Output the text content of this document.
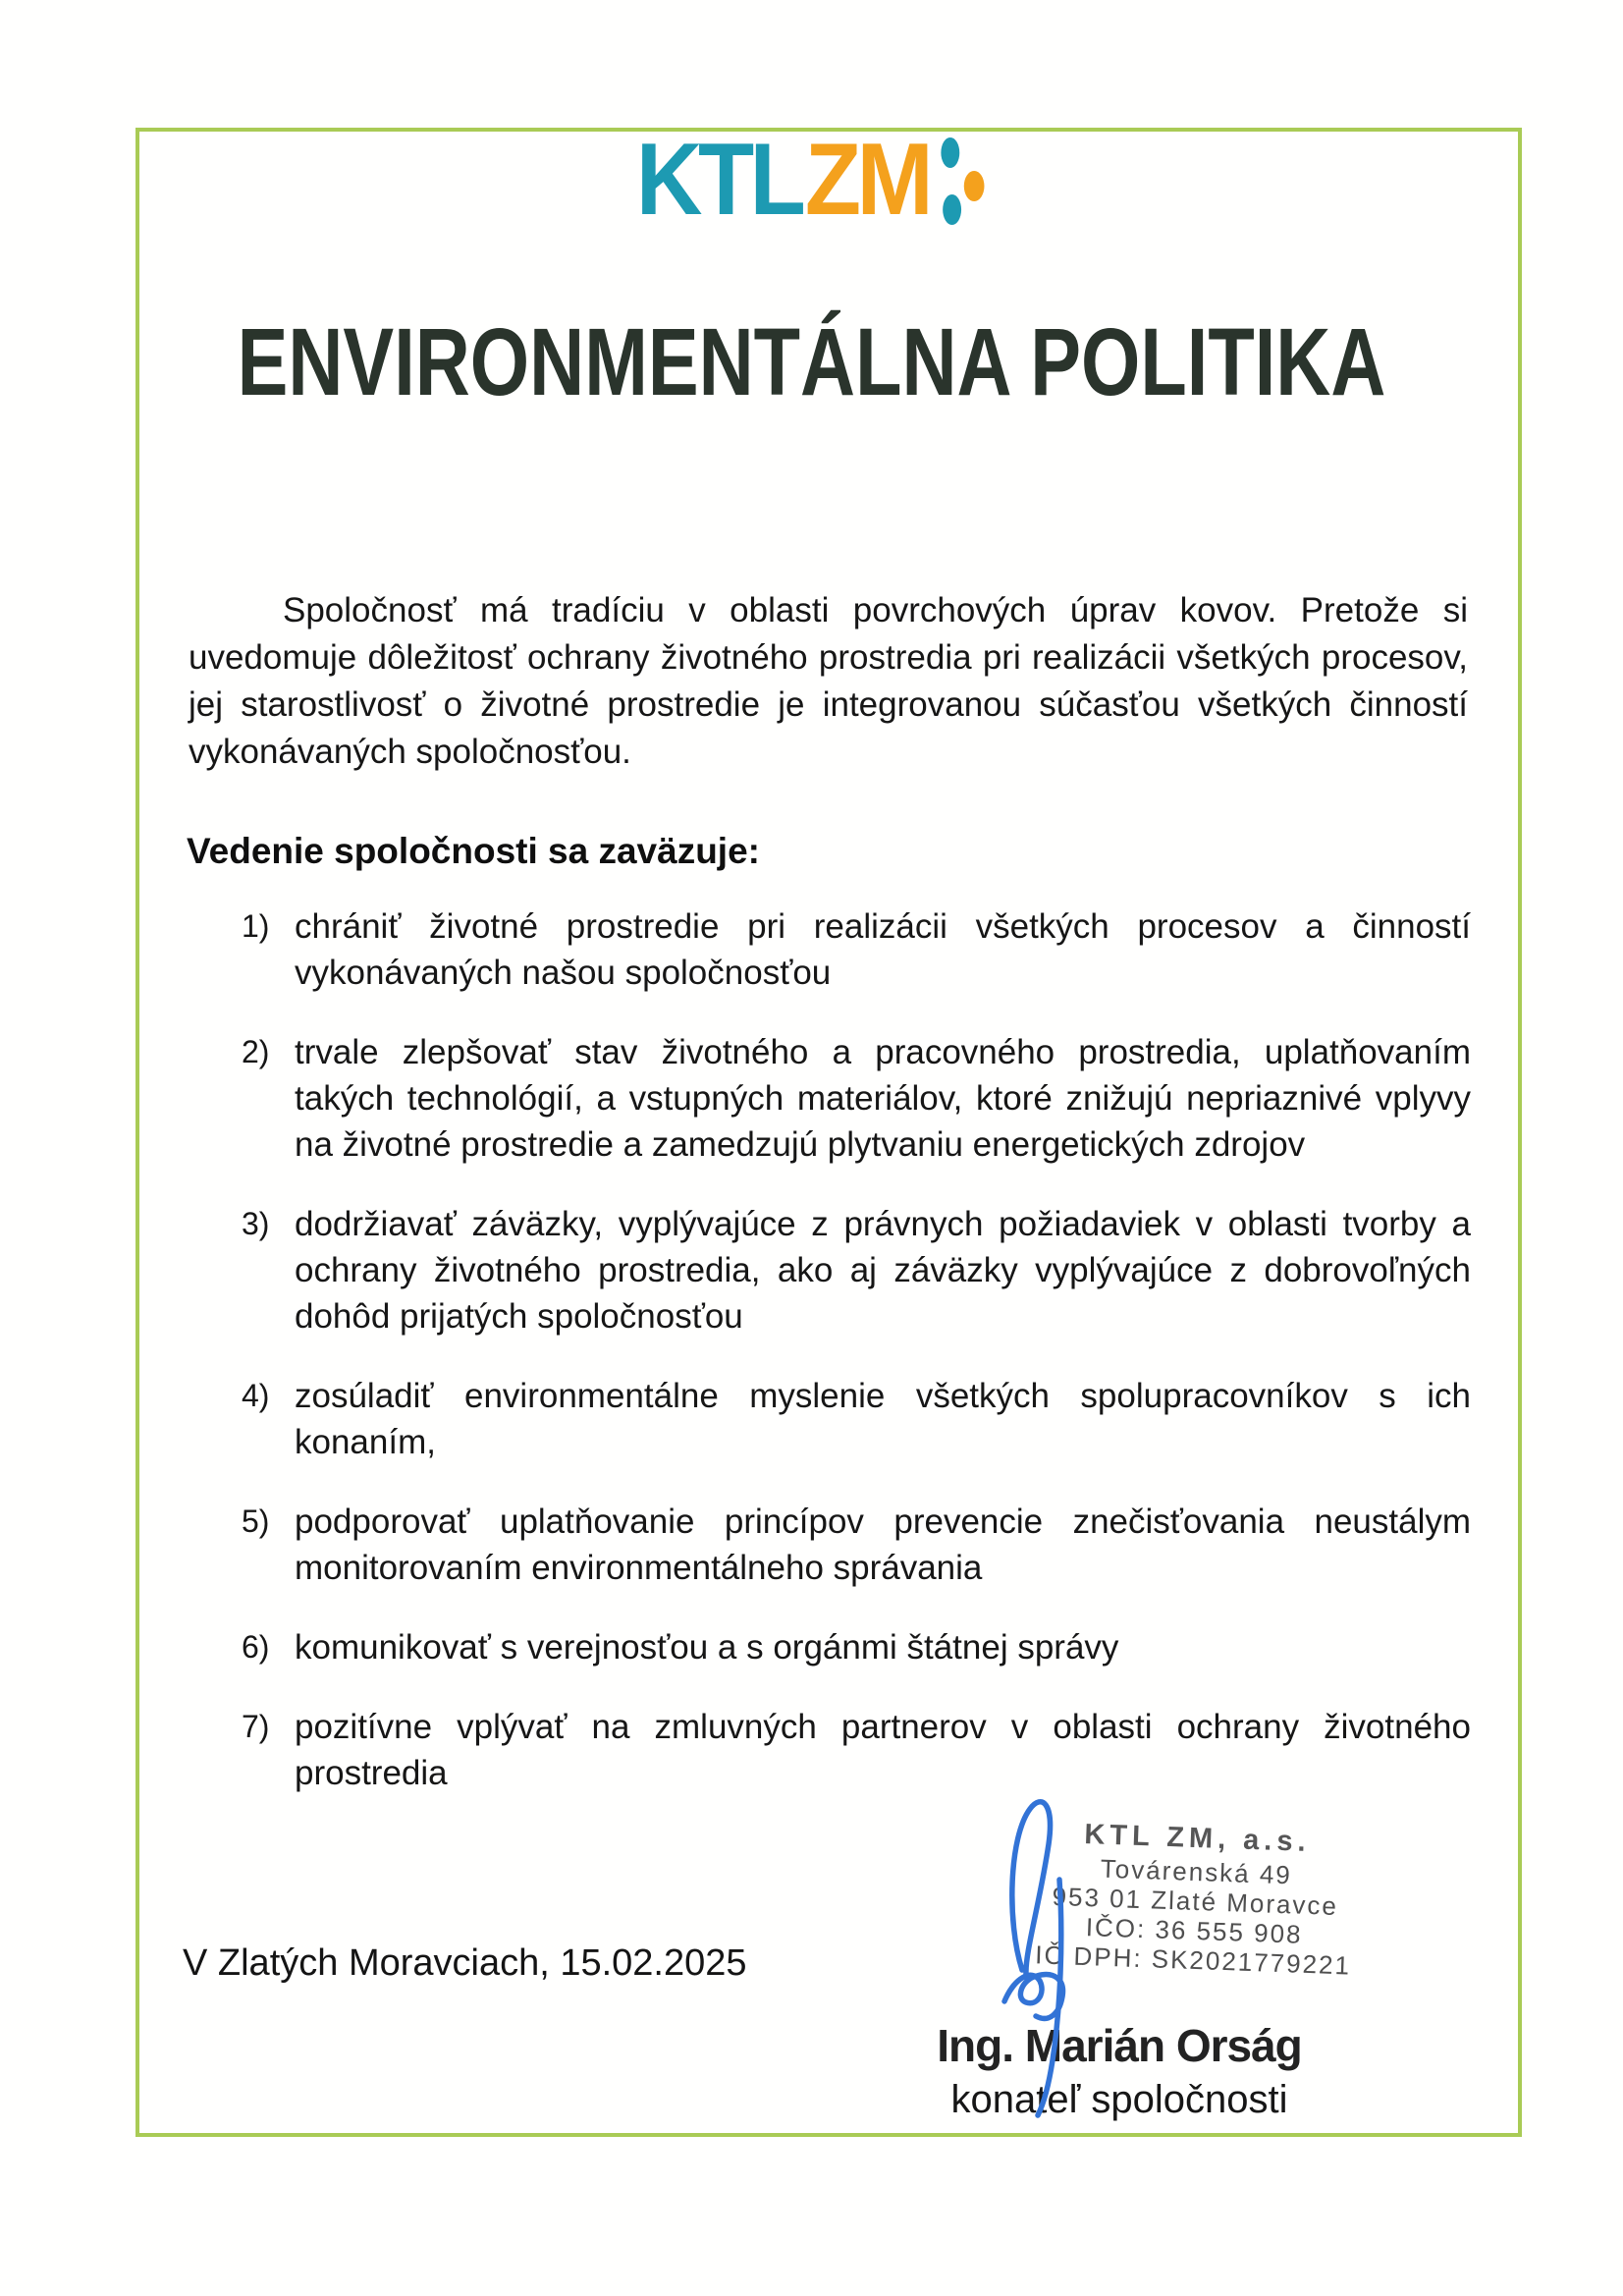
KTL ZM
ENVIRONMENTÁLNA POLITIKA

Spoločnosť má tradíciu v oblasti povrchových úprav kovov. Pretože si uvedomuje dôležitosť ochrany životného prostredia pri realizácii všetkých procesov, jej starostlivosť o životné prostredie je integrovanou súčasťou všetkých činností vykonávaných spoločnosťou.

Vedenie spoločnosti sa zaväzuje:
1) chrániť životné prostredie pri realizácii všetkých procesov a činností vykonávaných našou spoločnosťou
2) trvale zlepšovať stav životného a pracovného prostredia, uplatňovaním takých technológií, a vstupných materiálov, ktoré znižujú nepriaznivé vplyvy na životné prostredie a zamedzujú plytvaniu energetických zdrojov
3) dodržiavať záväzky, vyplývajúce z právnych požiadaviek v oblasti tvorby a ochrany životného prostredia, ako aj záväzky vyplývajúce z dobrovoľných dohôd prijatých spoločnosťou
4) zosúladiť environmentálne myslenie všetkých spolupracovníkov s ich konaním,
5) podporovať uplatňovanie princípov prevencie znečisťovania neustálym monitorovaním environmentálneho správania
6) komunikovať s verejnosťou a s orgánmi štátnej správy
7) pozitívne vplývať na zmluvných partnerov v oblasti ochrany životného prostredia
V Zlatých Moravciach, 15.02.2025
KTL ZM, a.s.
Továrenská 49
953 01 Zlaté Moravce
IČO: 36 555 908
IČ DPH: SK2021779221
Ing. Marián Orság
konateľ spoločnosti
